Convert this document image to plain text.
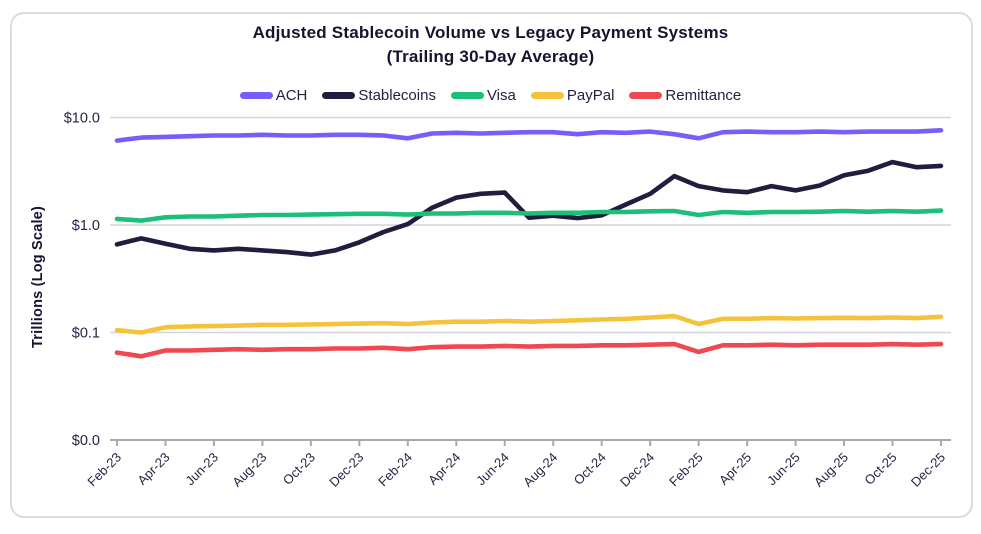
Adjusted Stablecoin Volume vs Legacy Payment Systems
(Trailing 30-Day Average)
ACH	Stablecoins	Visa	PayPal	Remittance
Trillions (Log Scale)
Feb-23 Apr-23 Jun-23 Aug-23 Oct-23 Dec-23 Feb-24 Apr-24 Jun-24 Aug-24 Oct-24 Dec-24 Feb-25 Apr-25 Jun-25 Aug-25 Oct-25 Dec-25
$10.0
$1.0
$0.1
$0.0
